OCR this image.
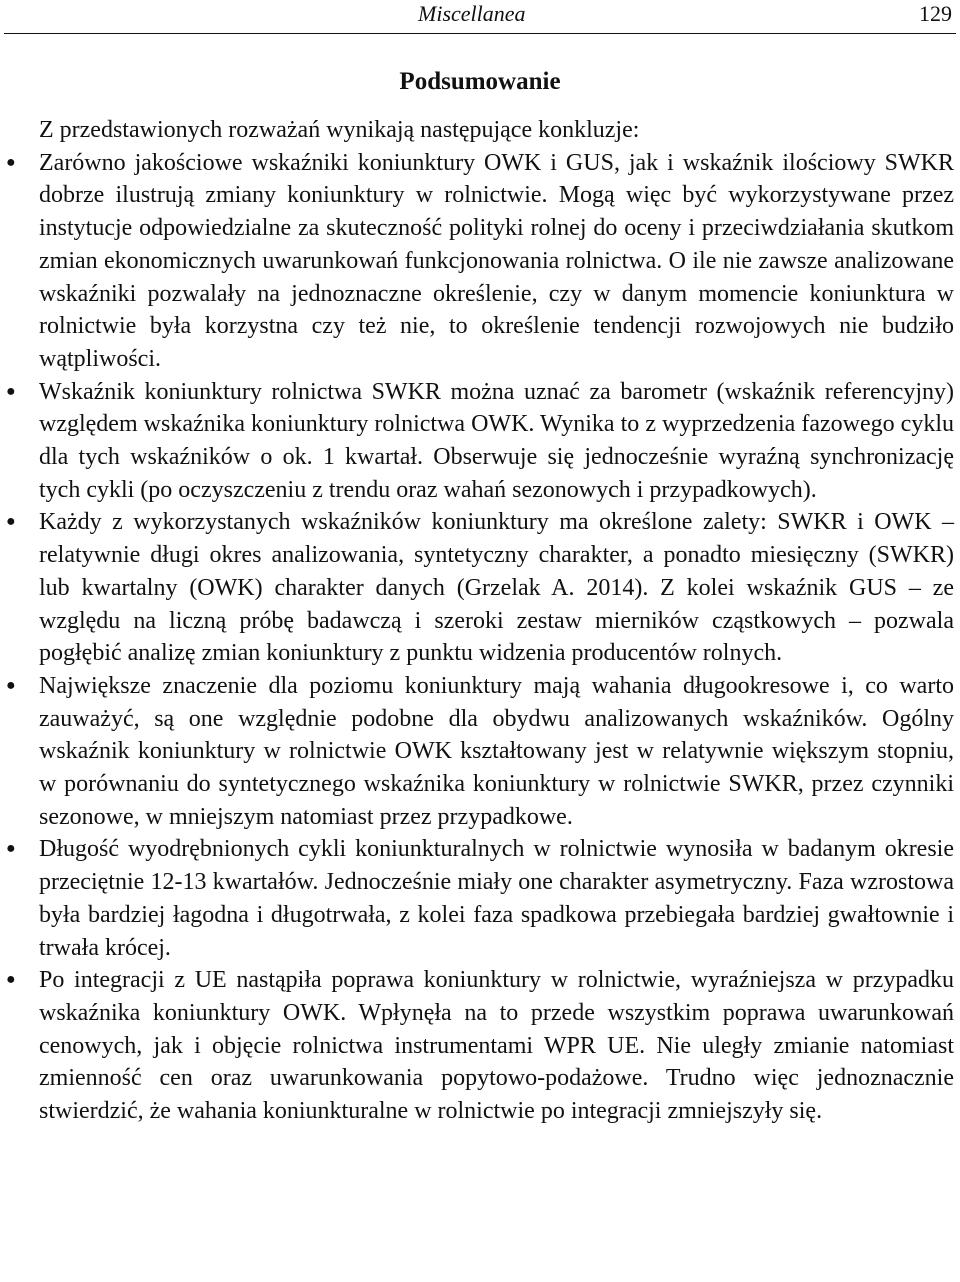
Miscellanea	129
Podsumowanie

Z przedstawionych rozważań wynikają następujące konkluzje:

● Zarówno jakościowe wskaźniki koniunktury OWK i GUS, jak i wskaźnik ilościowy SWKR dobrze ilustrują zmiany koniunktury w rolnictwie. Mogą więc być wykorzystywane przez instytucje odpowiedzialne za skuteczność polityki rolnej do oceny i przeciwdziałania skutkom zmian ekonomicznych uwarunkowań funkcjonowania rolnictwa. O ile nie zawsze analizowane wskaźniki pozwalały na jednoznaczne określenie, czy w danym momencie koniunktura w rolnictwie była korzystna czy też nie, to określenie tendencji rozwojowych nie budziło wątpliwości.
● Wskaźnik koniunktury rolnictwa SWKR można uznać za barometr (wskaźnik referencyjny) względem wskaźnika koniunktury rolnictwa OWK. Wynika to z wyprzedzenia fazowego cyklu dla tych wskaźników o ok. 1 kwartał. Obserwuje się jednocześnie wyraźną synchronizację tych cykli (po oczyszczeniu z trendu oraz wahań sezonowych i przypadkowych).
● Każdy z wykorzystanych wskaźników koniunktury ma określone zalety: SWKR i OWK – relatywnie długi okres analizowania, syntetyczny charakter, a ponadto miesięczny (SWKR) lub kwartalny (OWK) charakter danych (Grzelak A. 2014). Z kolei wskaźnik GUS – ze względu na liczną próbę badawczą i szeroki zestaw mierników cząstkowych – pozwala pogłębić analizę zmian koniunktury z punktu widzenia producentów rolnych.
● Największe znaczenie dla poziomu koniunktury mają wahania długookresowe i, co warto zauważyć, są one względnie podobne dla obydwu analizowanych wskaźników. Ogólny wskaźnik koniunktury w rolnictwie OWK kształtowany jest w relatywnie większym stopniu, w porównaniu do syntetycznego wskaźnika koniunktury w rolnictwie SWKR, przez czynniki sezonowe, w mniejszym natomiast przez przypadkowe.
● Długość wyodrębnionych cykli koniunkturalnych w rolnictwie wynosiła w badanym okresie przeciętnie 12-13 kwartałów. Jednocześnie miały one charakter asymetryczny. Faza wzrostowa była bardziej łagodna i długotrwała, z kolei faza spadkowa przebiegała bardziej gwałtownie i trwała krócej.
● Po integracji z UE nastąpiła poprawa koniunktury w rolnictwie, wyraźniejsza w przypadku wskaźnika koniunktury OWK. Wpłynęła na to przede wszystkim poprawa uwarunkowań cenowych, jak i objęcie rolnictwa instrumentami WPR UE. Nie uległy zmianie natomiast zmienność cen oraz uwarunkowania popytowo-podażowe. Trudno więc jednoznacznie stwierdzić, że wahania koniunkturalne w rolnictwie po integracji zmniejszyły się.
